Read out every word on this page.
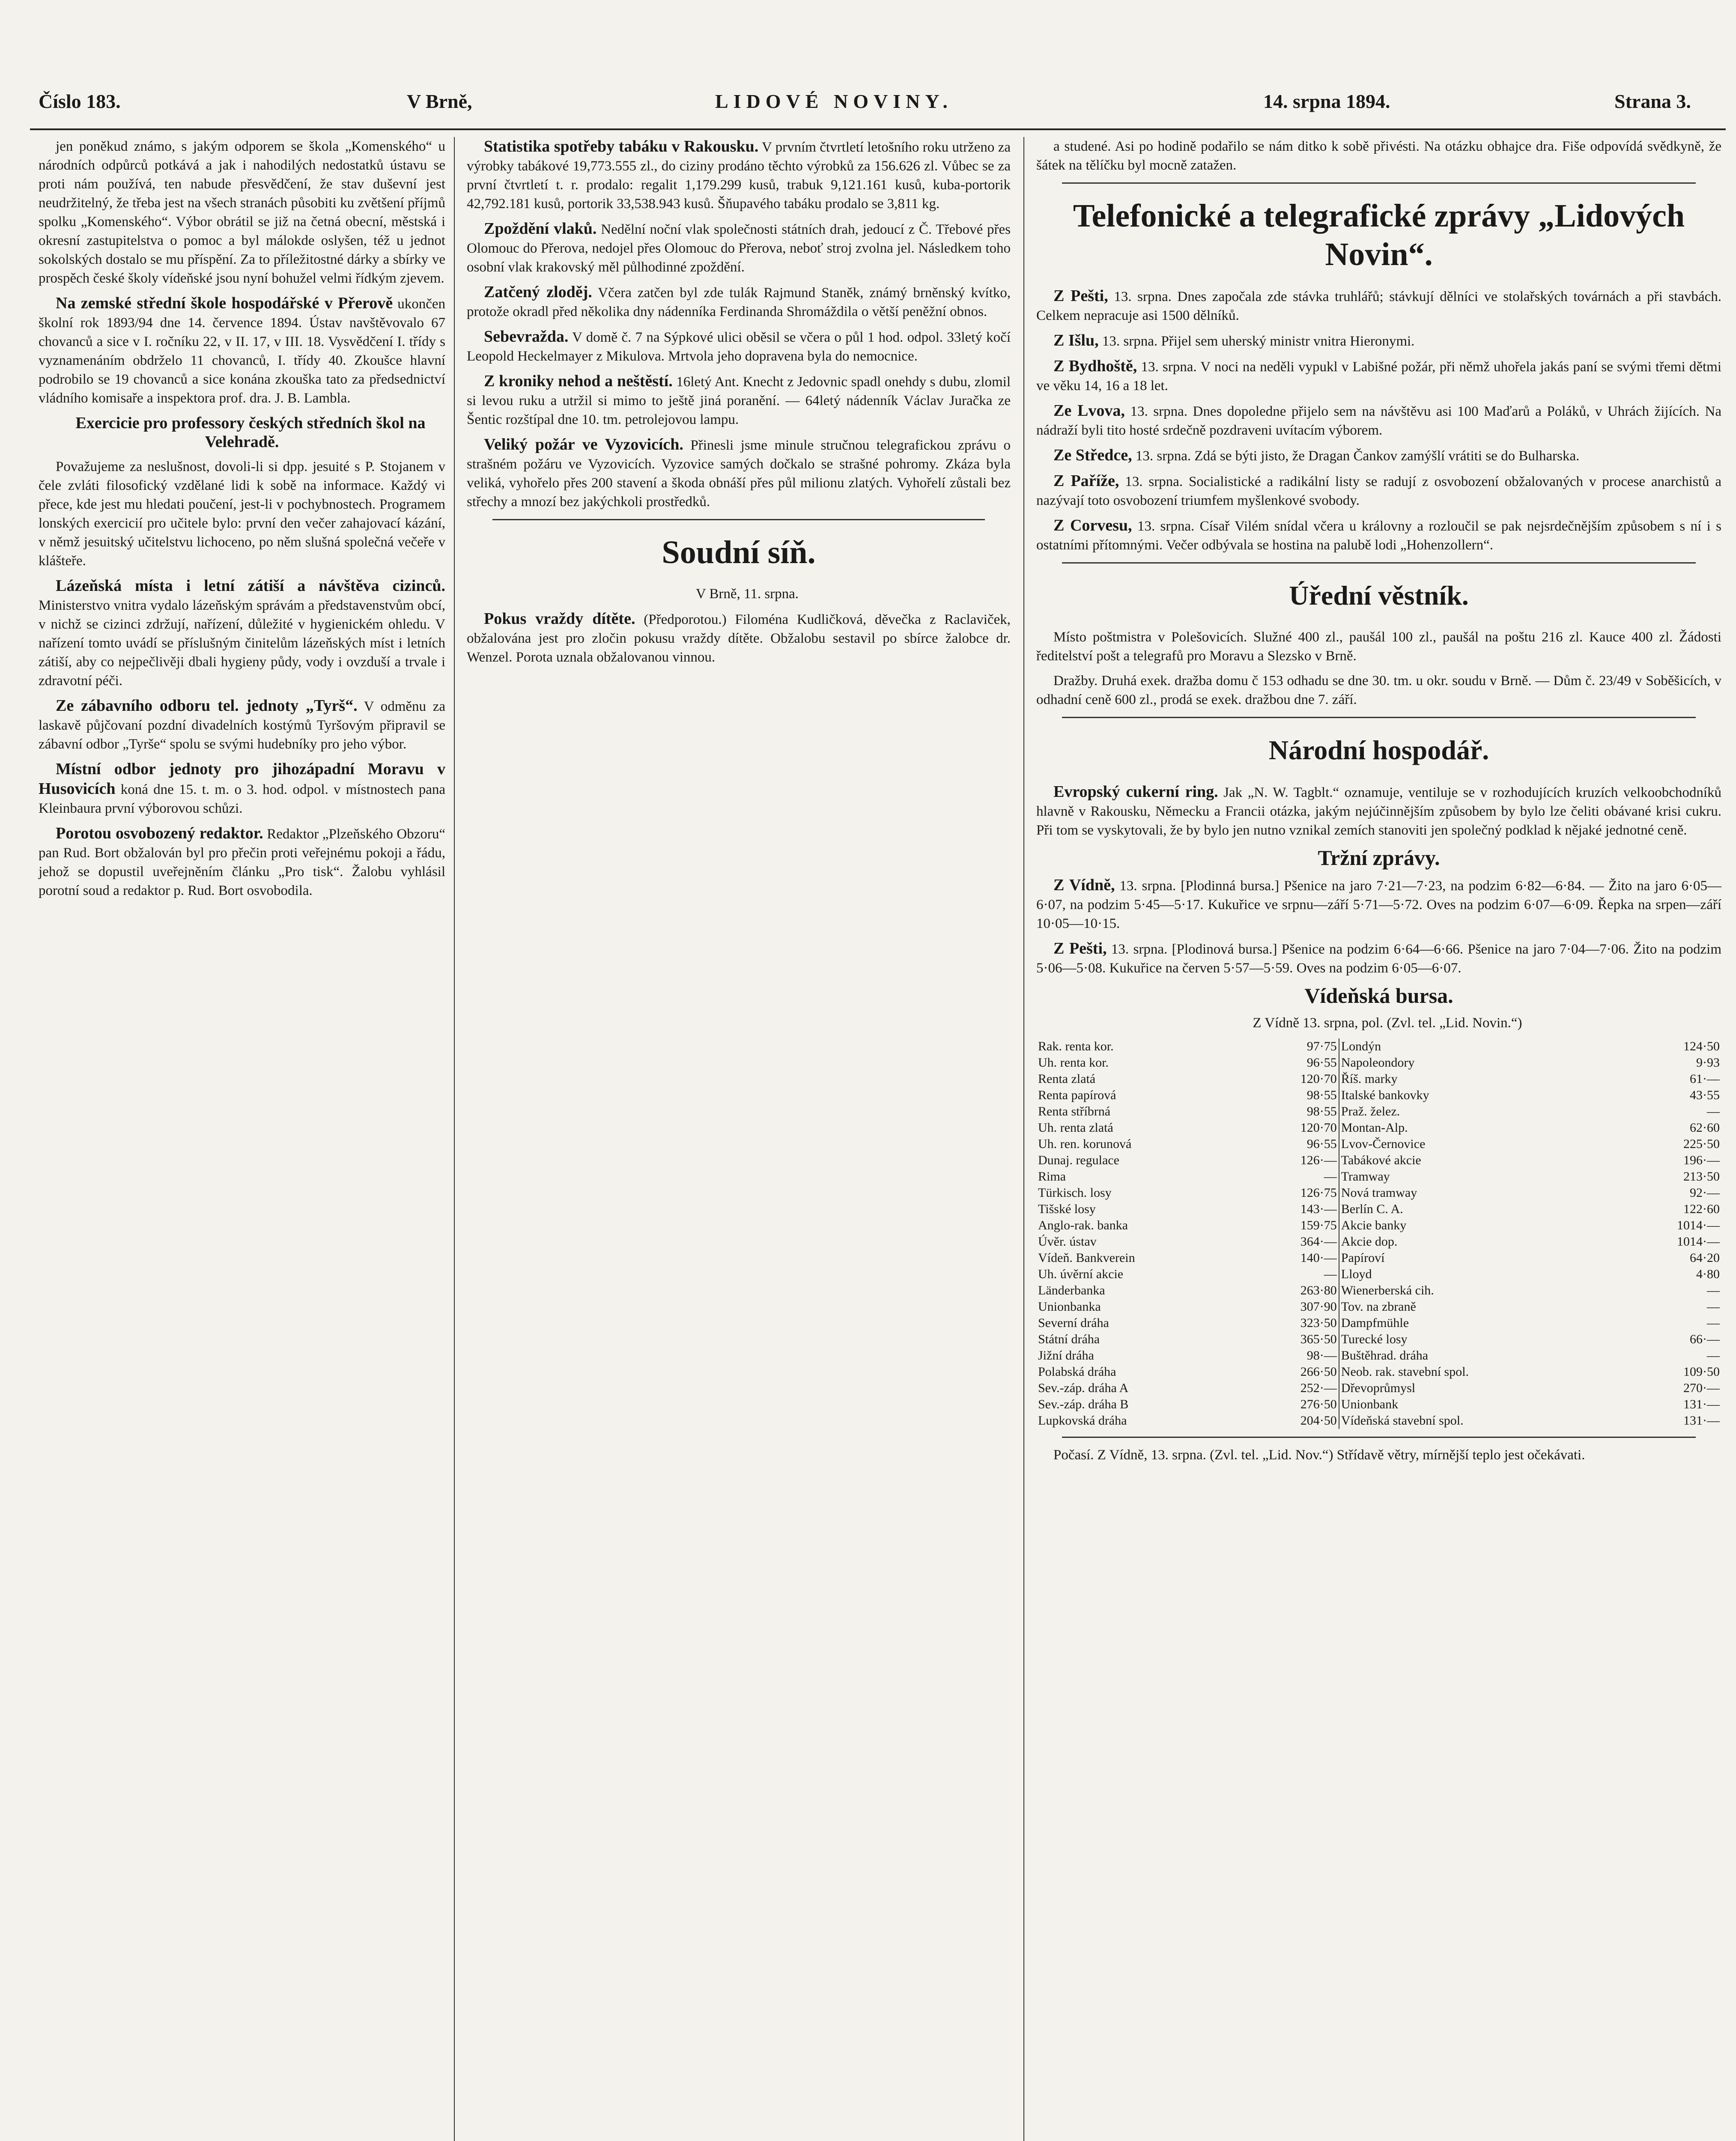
Číslo 183.	V Brně,	LIDOVÉ NOVINY.	14. srpna 1894.	Strana 3.

jen poněkud známo, s jakým odporem se škola „Komenského“ u národních odpůrců potkává a jak i nahodilých nedostatků ústavu se proti nám používá, ten nabude přesvědčení, že stav duševní jest neudržitelný, že třeba jest na všech stranách působiti ku zvětšení příjmů spolku „Komenského“. Výbor obrátil se již na četná obecní, městská i okresní zastupitelstva o pomoc a byl málokde oslyšen, též u jednot sokolských dostalo se mu příspění. Za to příležitostné dárky a sbírky ve prospěch české školy vídeňské jsou nyní bohužel velmi řídkým zjevem.

Na zemské střední škole hospodářské v Přerově ukončen školní rok 1893/94 dne 14. července 1894. Ústav navštěvovalo 67 chovanců a sice v I. ročníku 22, v II. 17, v III. 18. Vysvědčení I. třídy s vyznamenáním obdrželo 11 chovanců, I. třídy 40. Zkoušce hlavní podrobilo se 19 chovanců a sice konána zkouška tato za předsednictví vládního komisaře a inspektora prof. dra. J. B. Lambla.

Exercicie pro professory českých středních škol na Velehradě.

Považujeme za neslušnost, dovoli-li si dpp. jesuité s P. Stojanem v čele zvláti filosofický vzdělané lidi k sobě na informace. Každý vi přece, kde jest mu hledati poučení, jest-li v pochybnostech. Programem lonských exercicií pro učitele bylo: první den večer zahajovací kázání, v němž jesuitský učitelstvu lichoceno, po něm slušná společná večeře v klášteře.

Lázeňská místa i letní zátiší a návštěva cizinců. Ministerstvo vnitra vydalo lázeňským správám a představenstvům obcí, v nichž se cizinci zdržují, nařízení, důležité v hygienickém ohledu. V nařízení tomto uvádí se příslušným činitelům lázeňských míst i letních zátiší, aby co nejpečlivěji dbali hygieny půdy, vody i ovzduší a trvale i zdravotní péči.

Ze zábavního odboru tel. jednoty „Tyrš“. V odměnu za laskavě půjčovaní pozdní divadelních kostýmů Tyršovým připravil se zábavní odbor „Tyrše“ spolu se svými hudebníky pro jeho výbor.

Místní odbor jednoty pro jihozápadní Moravu v Husovicích koná dne 15. t. m. o 3. hod. odpol. v místnostech pana Kleinbaura první výborovou schůzi.

Porotou osvobozený redaktor. Redaktor „Plzeňského Obzoru“ pan Rud. Bort obžalován byl pro přečin proti veřejnému pokoji a řádu, jehož se dopustil uveřejněním článku „Pro tisk“. Žalobu vyhlásil porotní soud a redaktor p. Rud. Bort osvobodila.

Statistika spotřeby tabáku v Rakousku. V prvním čtvrtletí letošního roku utrženo za výrobky tabákové 19,773.555 zl., do ciziny prodáno těchto výrobků za 156.626 zl. Vůbec se za první čtvrtletí t. r. prodalo: regalit 1,179.299 kusů, trabuk 9,121.161 kusů, kuba-portorik 42,792.181 kusů, portorik 33,538.943 kusů. Šňupavého tabáku prodalo se 3,811 kg.

Zpoždění vlaků. Nedělní noční vlak společnosti státních drah, jedoucí z Č. Třebové přes Olomouc do Přerova, nedojel přes Olomouc do Přerova, neboť stroj zvolna jel. Následkem toho osobní vlak krakovský měl půlhodinné zpoždění.

Zatčený zloděj. Včera zatčen byl zde tulák Rajmund Staněk, známý brněnský kvítko, protože okradl před několika dny nádenníka Ferdinanda Shromáždila o větší peněžní obnos.

Sebevražda. V domě č. 7 na Sýpkové ulici oběsil se včera o půl 1 hod. odpol. 33letý kočí Leopold Heckelmayer z Mikulova. Mrtvola jeho dopravena byla do nemocnice.

Z kroniky nehod a neštěstí. 16letý Ant. Knecht z Jedovnic spadl onehdy s dubu, zlomil si levou ruku a utržil si mimo to ještě jiná poranění. — 64letý nádenník Václav Juračka ze Šentic rozštípal dne 10. tm. petrolejovou lampu.

Veliký požár ve Vyzovicích. Přinesli jsme minule stručnou telegrafickou zprávu o strašném požáru ve Vyzovicích. Vyzovice samých dočkalo se strašné pohromy. Zkáza byla veliká, vyhořelo přes 200 stavení a škoda obnáší přes půl milionu zlatých. Vyhořelí zůstali bez střechy a mnozí bez jakýchkoli prostředků.

Soudní síň.

V Brně, 11. srpna.

Pokus vraždy dítěte. (Předporotou.) Filoména Kudličková, děvečka z Raclaviček, obžalována jest pro zločin pokusu vraždy dítěte. Obžalobu sestavil po sbírce žalobce dr. Wenzel. Porota uznala obžalovanou vinnou.

a studené. Asi po hodině podařilo se nám ditko k sobě přivésti. Na otázku obhajce dra. Fiše odpovídá svědkyně, že šátek na tělíčku byl mocně zatažen.

Telefonické a telegrafické zprávy „Lidových Novin“.

Z Pešti, 13. srpna. Dnes započala zde stávka truhlářů; stávkují dělníci ve stolařských továrnách a při stavbách. Celkem nepracuje asi 1500 dělníků.

Z Išlu, 13. srpna. Přijel sem uherský ministr vnitra Hieronymi.

Z Bydhoště, 13. srpna. V noci na neděli vypukl v Labišné požár, při němž uhořela jakás paní se svými třemi dětmi ve věku 14, 16 a 18 let.

Ze Lvova, 13. srpna. Dnes dopoledne přijelo sem na návštěvu asi 100 Maďarů a Poláků, v Uhrách žijících. Na nádraží byli tito hosté srdečně pozdraveni uvítacím výborem.

Ze Středce, 13. srpna. Zdá se býti jisto, že Dragan Čankov zamýšlí vrátiti se do Bulharska.

Z Paříže, 13. srpna. Socialistické a radikální listy se radují z osvobození obžalovaných v procese anarchistů a nazývají toto osvobození triumfem myšlenkové svobody.

Z Corvesu, 13. srpna. Císař Vilém snídal včera u královny a rozloučil se pak nejsrdečnějším způsobem s ní i s ostatními přítomnými. Večer odbývala se hostina na palubě lodi „Hohenzollern“.

Úřední věstník.

Místo poštmistra v Polešovicích. Služné 400 zl., paušál 100 zl., paušál na poštu 216 zl. Kauce 400 zl. Žádosti ředitelství pošt a telegrafů pro Moravu a Slezsko v Brně.

Dražby. Druhá exek. dražba domu č 153 odhadu se dne 30. tm. u okr. soudu v Brně. — Dům č. 23/49 v Soběšicích, v odhadní ceně 600 zl., prodá se exek. dražbou dne 7. září.

Národní hospodář.

Evropský cukerní ring. Jak „N. W. Tagblt.“ oznamuje, ventiluje se v rozhodujících kruzích velkoobchodníků hlavně v Rakousku, Německu a Francii otázka, jakým nejúčinnějším způsobem by bylo lze čeliti obávané krisi cukru. Při tom se vyskytovali, že by bylo jen nutno vznikal zemích stanoviti jen společný podklad k nějaké jednotné ceně.

Tržní zprávy.

Z Vídně, 13. srpna. [Plodinná bursa.] Pšenice na jaro 7·21—7·23, na podzim 6·82—6·84. — Žito na jaro 6·05—6·07, na podzim 5·45—5·17. Kukuřice ve srpnu—září 5·71—5·72. Oves na podzim 6·07—6·09. Řepka na srpen—září 10·05—10·15.

Z Pešti, 13. srpna. [Plodinová bursa.] Pšenice na podzim 6·64—6·66. Pšenice na jaro 7·04—7·06. Žito na podzim 5·06—5·08. Kukuřice na červen 5·57—5·59. Oves na podzim 6·05—6·07.

Vídeňská bursa.

Z Vídně 13. srpna, pol. (Zvl. tel. „Lid. Novin.“)

Rak. renta kor.	97·75	Londýn	124·50
Uh. renta kor.	96·55	Napoleondory	9·93
Renta zlatá	120·70	Říš. marky	61·—
Renta papírová	98·55	Italské bankovky	43·55
Renta stříbrná	98·55	Praž. želez.	—
Uh. renta zlatá	120·70	Montan-Alp.	62·60
Uh. ren. korunová	96·55	Lvov-Černovice	225·50
Dunaj. regulace	126·—	Tabákové akcie	196·—
Rima	—	Tramway	213·50
Türkisch. losy	126·75	Nová tramway	92·—
Tišské losy	143·—	Berlín C. A.	122·60
Anglo-rak. banka	159·75	Akcie banky	1014·—
Úvěr. ústav	364·—	Akcie dop.	1014·—
Vídeň. Bankverein	140·—	Papíroví	64·20
Uh. úvěrní akcie	—	Lloyd	4·80
Länderbanka	263·80	Wienerberská cih.	—
Unionbanka	307·90	Tov. na zbraně	—
Severní dráha	323·50	Dampfmühle	—
Státní dráha	365·50	Turecké losy	66·—
Jižní dráha	98·—	Buštěhrad. dráha	—
Polabská dráha	266·50	Neob. rak. stavební spol.	109·50
Sev.-záp. dráha A	252·—	Dřevoprůmysl	270·—
Sev.-záp. dráha B	276·50	Unionbank	131·—
Lupkovská dráha	204·50	Vídeňská stavební spol.	131·—

Počasí. Z Vídně, 13. srpna. (Zvl. tel. „Lid. Nov.“) Střídavě větry, mírnější teplo jest očekávati.
